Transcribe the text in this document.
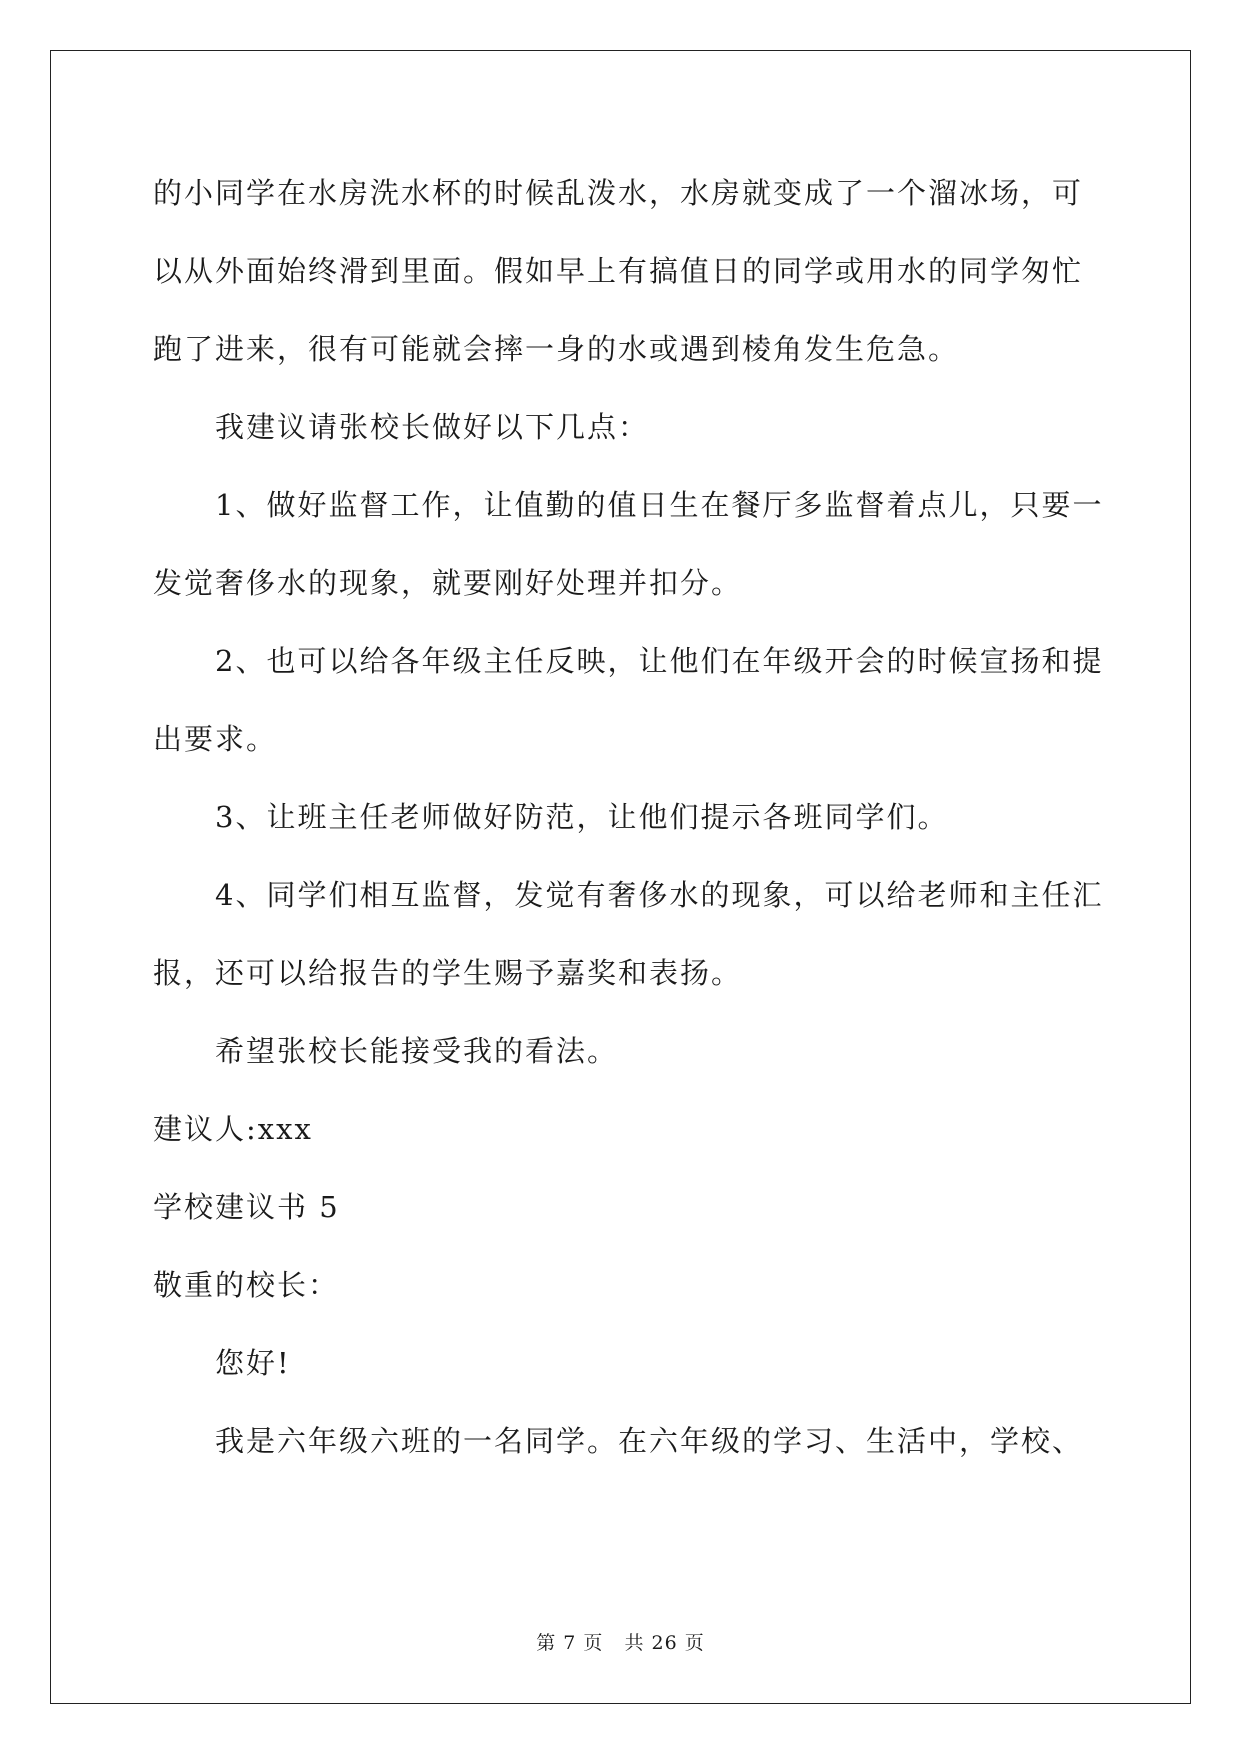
的小同学在水房洗水杯的时候乱泼水，水房就变成了一个溜冰场，可
以从外面始终滑到里面。假如早上有搞值日的同学或用水的同学匆忙
跑了进来，很有可能就会摔一身的水或遇到棱角发生危急。
我建议请张校长做好以下几点：
1、做好监督工作，让值勤的值日生在餐厅多监督着点儿，只要一
发觉奢侈水的现象，就要刚好处理并扣分。
2、也可以给各年级主任反映，让他们在年级开会的时候宣扬和提
出要求。
3、让班主任老师做好防范，让他们提示各班同学们。
4、同学们相互监督，发觉有奢侈水的现象，可以给老师和主任汇
报，还可以给报告的学生赐予嘉奖和表扬。
希望张校长能接受我的看法。
建议人:xxx
学校建议书 5
敬重的校长：
您好!
我是六年级六班的一名同学。在六年级的学习、生活中，学校、
第 7 页 共 26 页
